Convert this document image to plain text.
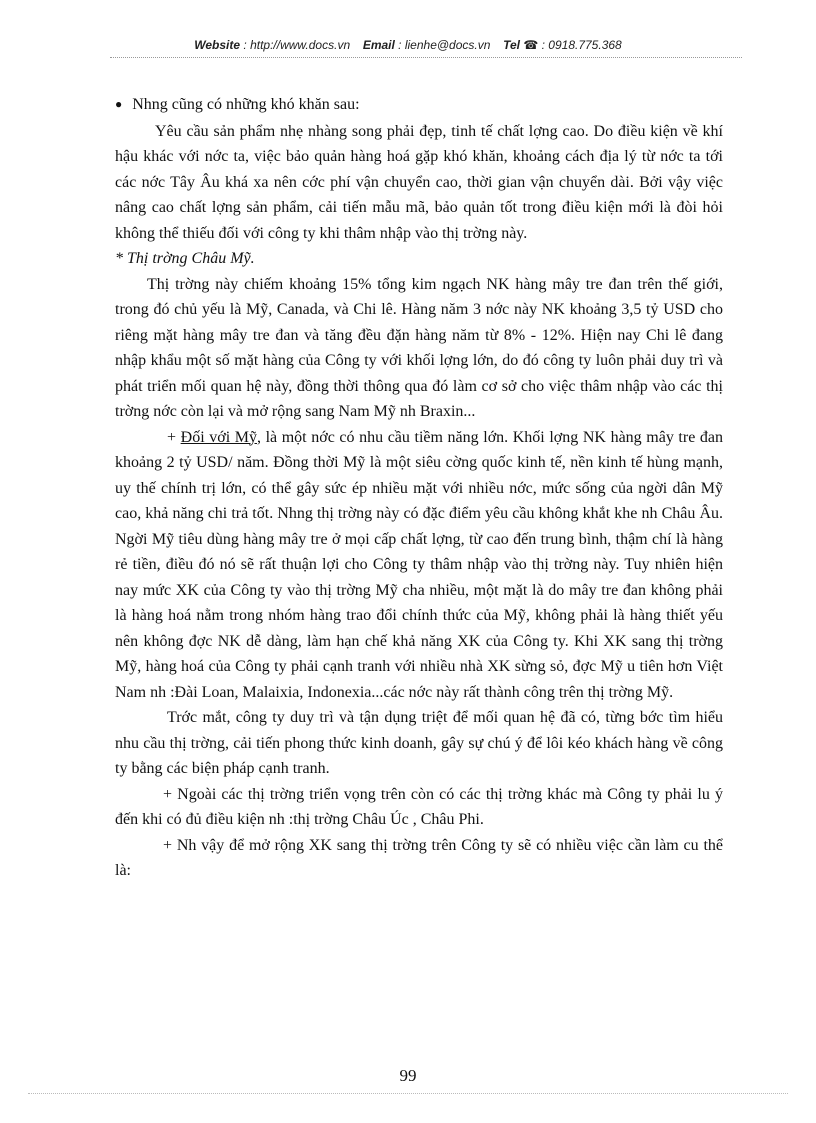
Website : http://www.docs.vn Email : lienhe@docs.vn Tel ☎ : 0918.775.368

● Nhng cũng có những khó khăn sau:

Yêu cầu sản phẩm nhẹ nhàng song phải đẹp, tinh tế chất lợng cao. Do điều kiện về khí hậu khác với nớc ta, việc bảo quản hàng hoá gặp khó khăn, khoảng cách địa lý từ nớc ta tới các nớc Tây Âu khá xa nên cớc phí vận chuyển cao, thời gian vận chuyển dài. Bởi vậy việc nâng cao chất lợng sản phẩm, cải tiến mẫu mã, bảo quản tốt trong điều kiện mới là đòi hỏi không thể thiếu đối với công ty khi thâm nhập vào thị trờng này.

* Thị trờng Châu Mỹ.

Thị trờng này chiếm khoảng 15% tổng kim ngạch NK hàng mây tre đan trên thế giới, trong đó chủ yếu là Mỹ, Canada, và Chi lê. Hàng năm 3 nớc này NK khoảng 3,5 tỷ USD cho riêng mặt hàng mây tre đan và tăng đều đặn hàng năm từ 8% - 12%. Hiện nay Chi lê đang nhập khẩu một số mặt hàng của Công ty với khối lợng lớn, do đó công ty luôn phải duy trì và phát triển mối quan hệ này, đồng thời thông qua đó làm cơ sở cho việc thâm nhập vào các thị trờng nớc còn lại và mở rộng sang Nam Mỹ nh Braxin...

+ Đối với Mỹ, là một nớc có nhu cầu tiềm năng lớn. Khối lợng NK hàng mây tre đan khoảng 2 tỷ USD/ năm. Đồng thời Mỹ là một siêu cờng quốc kinh tế, nền kinh tế hùng mạnh, uy thế chính trị lớn, có thể gây sức ép nhiều mặt với nhiều nớc, mức sống của ngời dân Mỹ cao, khả năng chi trả tốt. Nhng thị trờng này có đặc điểm yêu cầu không khắt khe nh Châu Âu. Ngời Mỹ tiêu dùng hàng mây tre ở mọi cấp chất lợng, từ cao đến trung bình, thậm chí là hàng rẻ tiền, điều đó nó sẽ rất thuận lợi cho Công ty thâm nhập vào thị trờng này. Tuy nhiên hiện nay mức XK của Công ty vào thị trờng Mỹ cha nhiều, một mặt là do mây tre đan không phải là hàng hoá nằm trong nhóm hàng trao đổi chính thức của Mỹ, không phải là hàng thiết yếu nên không đợc NK dễ dàng, làm hạn chế khả năng XK của Công ty. Khi XK sang thị trờng Mỹ, hàng hoá của Công ty phải cạnh tranh với nhiều nhà XK sừng sỏ, đợc Mỹ u tiên hơn Việt Nam nh :Đài Loan, Malaixia, Indonexia...các nớc này rất thành công trên thị trờng Mỹ.

Trớc mắt, công ty duy trì và tận dụng triệt để mối quan hệ đã có, từng bớc tìm hiểu nhu cầu thị trờng, cải tiến phong thức kinh doanh, gây sự chú ý để lôi kéo khách hàng về công ty bằng các biện pháp cạnh tranh.

+ Ngoài các thị trờng triển vọng trên còn có các thị trờng khác mà Công ty phải lu ý đến khi có đủ điều kiện nh :thị trờng Châu Úc , Châu Phi.

+ Nh vậy để mở rộng XK sang thị trờng trên Công ty sẽ có nhiều việc cần làm cu thể là:

99
